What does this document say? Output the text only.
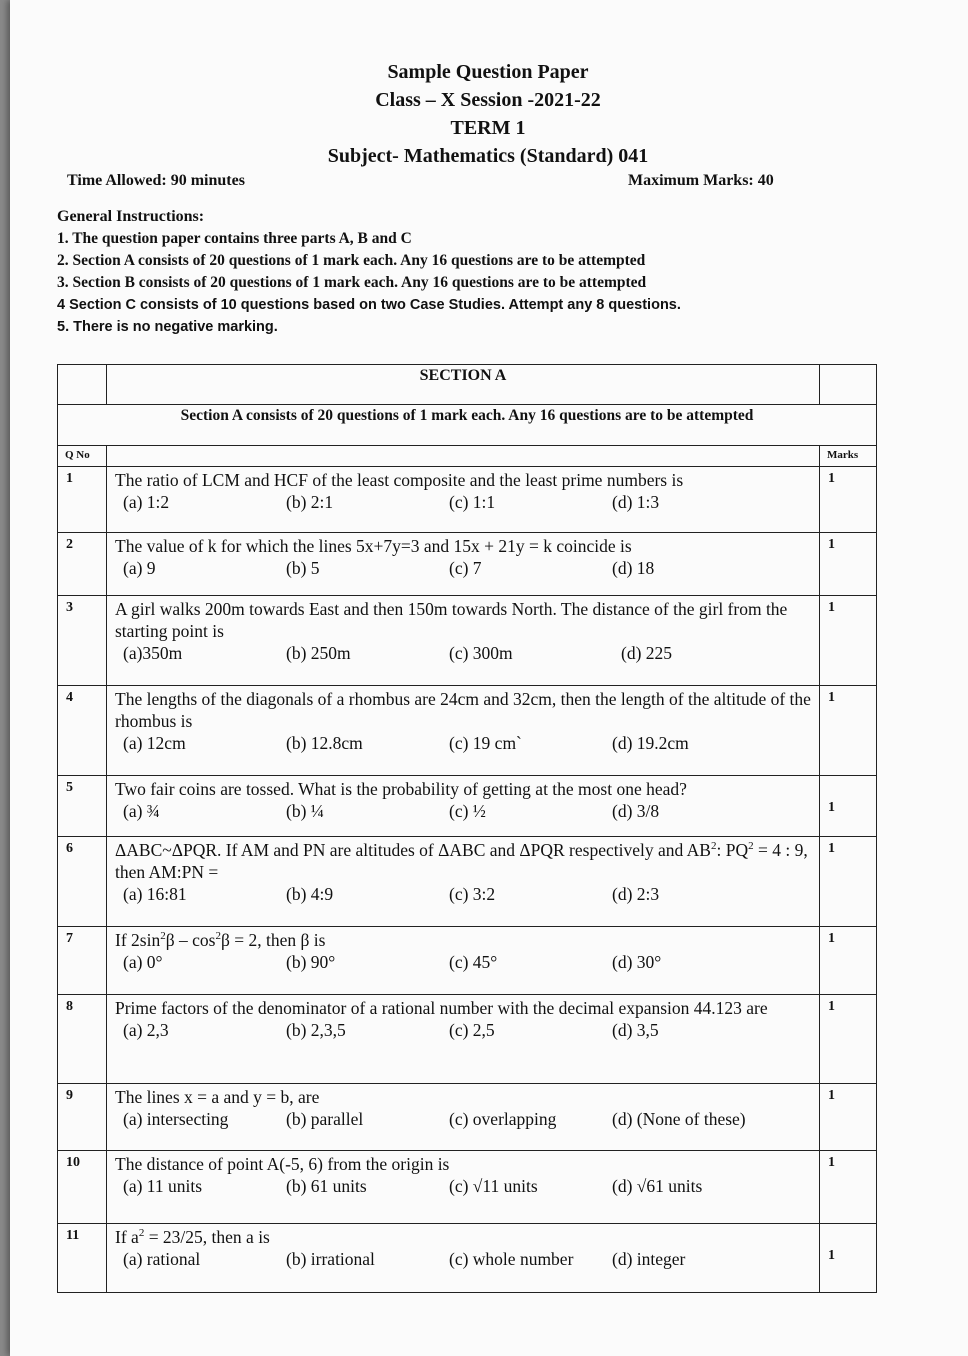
Sample Question Paper
Class – X Session -2021-22
TERM 1
Subject- Mathematics (Standard) 041
Time Allowed: 90 minutes	Maximum Marks: 40
General Instructions:
1. The question paper contains three parts A, B and C
2. Section A consists of 20 questions of 1 mark each. Any 16 questions are to be attempted
3. Section B consists of 20 questions of 1 mark each. Any 16 questions are to be attempted
4 Section C consists of 10 questions based on two Case Studies. Attempt any 8 questions.
5. There is no negative marking.
	SECTION A	
Section A consists of 20 questions of 1 mark each. Any 16 questions are to be attempted		
Q No		Marks
1	The ratio of LCM and HCF of the least composite and the least prime numbers is
(a) 1:2 (b) 2:1 (c) 1:1 (d) 1:3	1
2	The value of k for which the lines 5x+7y=3 and 15x + 21y = k coincide is
(a) 9 (b) 5 (c) 7 (d) 18	1
3	A girl walks 200m towards East and then 150m towards North. The distance of the girl from the starting point is
(a)350m (b) 250m (c) 300m (d) 225	1
4	The lengths of the diagonals of a rhombus are 24cm and 32cm, then the length of the altitude of the rhombus is
(a) 12cm (b) 12.8cm (c) 19 cm` (d) 19.2cm	1
5	Two fair coins are tossed. What is the probability of getting at the most one head?
(a) ¾ (b) ¼ (c) ½ (d) 3/8	1
6	ΔABC~ΔPQR. If AM and PN are altitudes of ΔABC and ΔPQR respectively and $AB^2$: $PQ^2 = 4$ : 9, then AM:PN =
(a) 16:81 (b) 4:9 (c) 3:2 (d) 2:3	1
7	If $2\sin^2\beta - \cos^2\beta = 2$, then β is
(a) 0° (b) 90° (c) 45° (d) 30°	1
8	Prime factors of the denominator of a rational number with the decimal expansion 44.123 are
(a) 2,3 (b) 2,3,5 (c) 2,5 (d) 3,5	1
9	The lines x = a and y = b, are
(a) intersecting (b) parallel (c) overlapping (d) (None of these)	1
10	The distance of point A(-5, 6) from the origin is
(a) 11 units (b) 61 units (c) √11 units (d) √61 units	1
11	If $a^2 = 23/25$, then a is
(a) rational (b) irrational (c) whole number (d) integer	1
